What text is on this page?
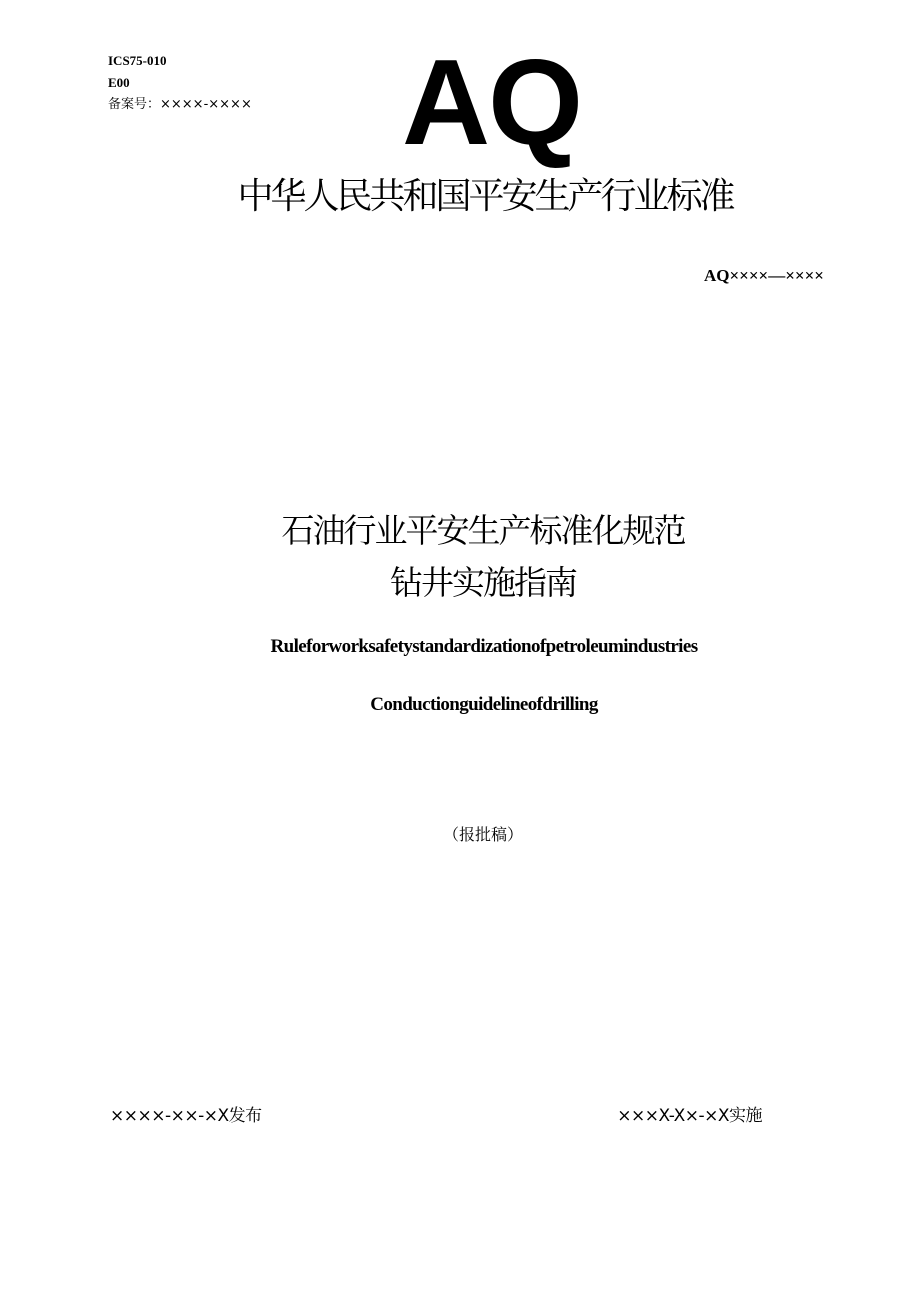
ICS75-010
E00
备案号：××××-×××× AQ
中华人民共和国平安生产行业标准
AQ××××—××××
石油行业平安生产标准化规范
钻井实施指南
Ruleforworksafetystandardizationofpetroleumindustries
Conductionguidelineofdrilling
（报批稿）
××××-××-×X发布	×××X-X×-×X实施
